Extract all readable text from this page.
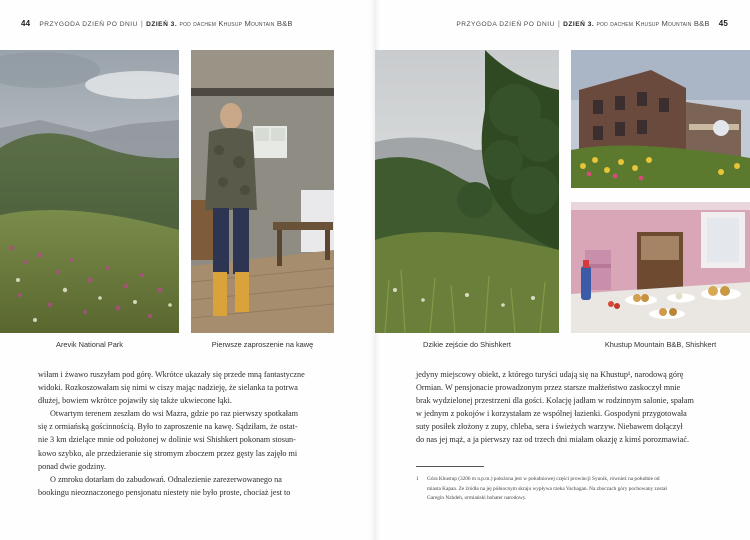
44 PRZYGODA DZIEŃ PO DNIU | DZIEŃ 3. pod dachem Khusup Mountain B&B
Arevik National Park	Pierwsze zaproszenie na kawę

wiłam i żwawo ruszyłam pod górę. Wkrótce ukazały się przede mną fantastyczne
widoki. Rozkoszowałam się nimi w ciszy mając nadzieję, że sielanka ta potrwa
dłużej, bowiem wkrótce pojawiły się także ukwiecone łąki.

Otwartym terenem zeszłam do wsi Mazra, gdzie po raz pierwszy spotkałam
się z ormiańską gościnnością. Było to zaproszenie na kawę. Sądziłam, że ostat-
nie 3 km dzielące mnie od położonej w dolinie wsi Shishkert pokonam stosun-
kowo szybko, ale przedzieranie się stromym zboczem przez gęsty las zajęło mi
ponad dwie godziny.

O zmroku dotarłam do zabudowań. Odnalezienie zarezerwowanego na
bookingu nieoznaczonego pensjonatu niestety nie było proste, chociaż jest to

PRZYGODA DZIEŃ PO DNIU | DZIEŃ 3. pod dachem Khusup Mountain B&B 45
Dzikie zejście do Shishkert	Khustup Mountain B&B, Shishkert

jedyny miejscowy obiekt, z którego turyści udają się na Khustup¹, narodową górę
Ormian. W pensjonacie prowadzonym przez starsze małżeństwo zaskoczył mnie
brak wydzielonej przestrzeni dla gości. Kolację jadłam w rodzinnym salonie, spałam
w jednym z pokojów i korzystałam ze wspólnej łazienki. Gospodyni przygotowała
suty posiłek złożony z zupy, chleba, sera i świeżych warzyw. Niebawem dołączył
do nas jej mąż, a ja pierwszy raz od trzech dni miałam okazję z kimś porozmawiać.

1 Góra Khustup (3206 m n.p.m.) położona jest w południowej części prowincji Syunik, również na południe od
miasta Kapan. Ze źródła na jej północnym skraju wypływa rzeka Vachagan. Na zboczach góry pochowany został
Garegin Nzhdeh, ormiański bohater narodowy.
